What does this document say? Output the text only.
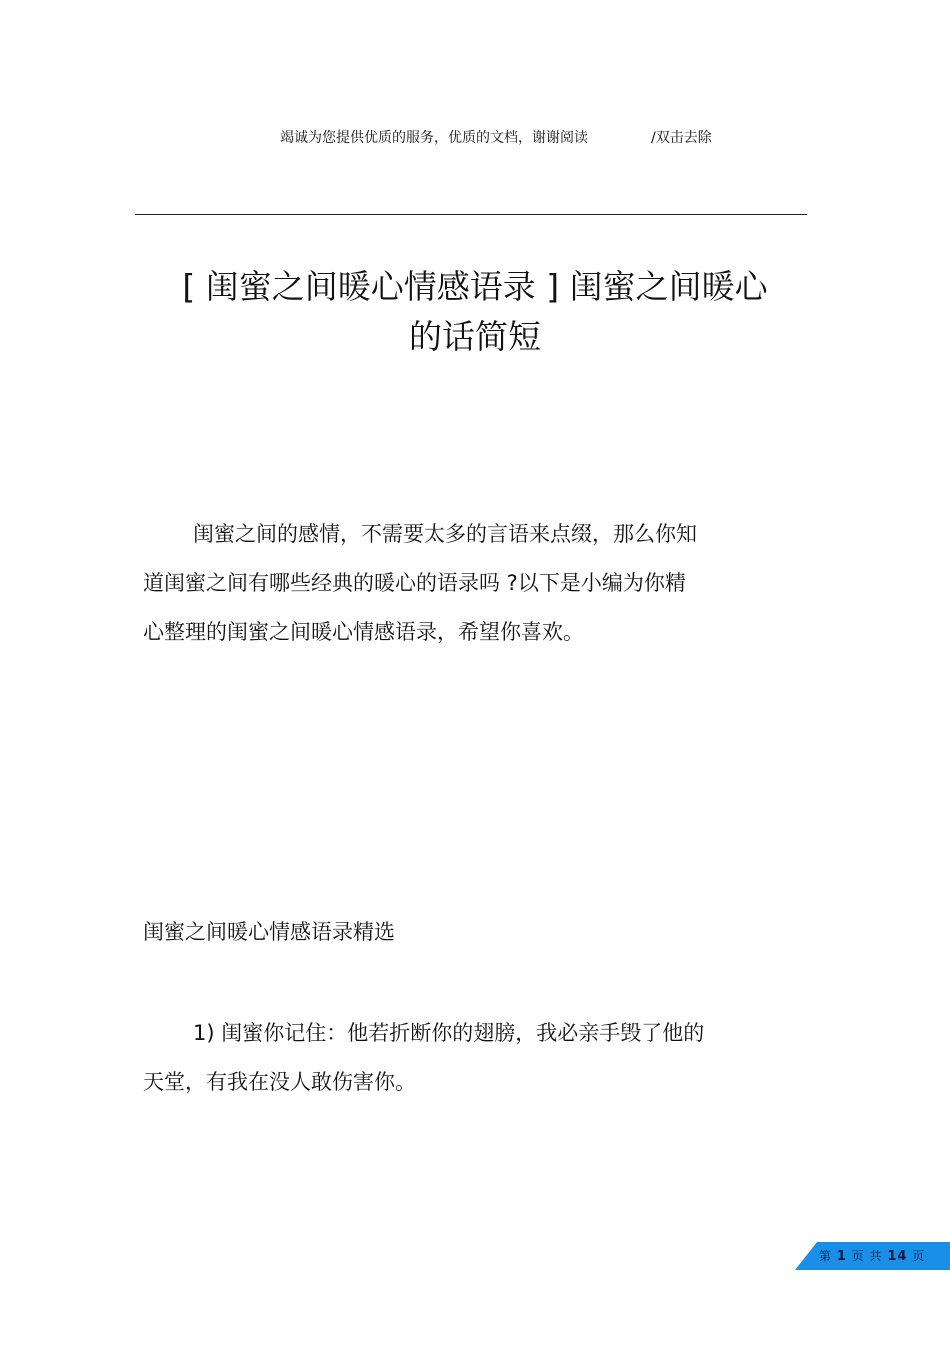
竭诚为您提供优质的服务，优质的文档，谢谢阅读	/双击去除
[ 闺蜜之间暖心情感语录 ] 闺蜜之间暖心
的话简短

闺蜜之间的感情，不需要太多的言语来点缀，那么你知
道闺蜜之间有哪些经典的暖心的语录吗 ?以下是小编为你精
心整理的闺蜜之间暖心情感语录，希望你喜欢。

闺蜜之间暖心情感语录精选

1) 闺蜜你记住：他若折断你的翅膀，我必亲手毁了他的
天堂，有我在没人敢伤害你。

第 1 页 共 14 页
